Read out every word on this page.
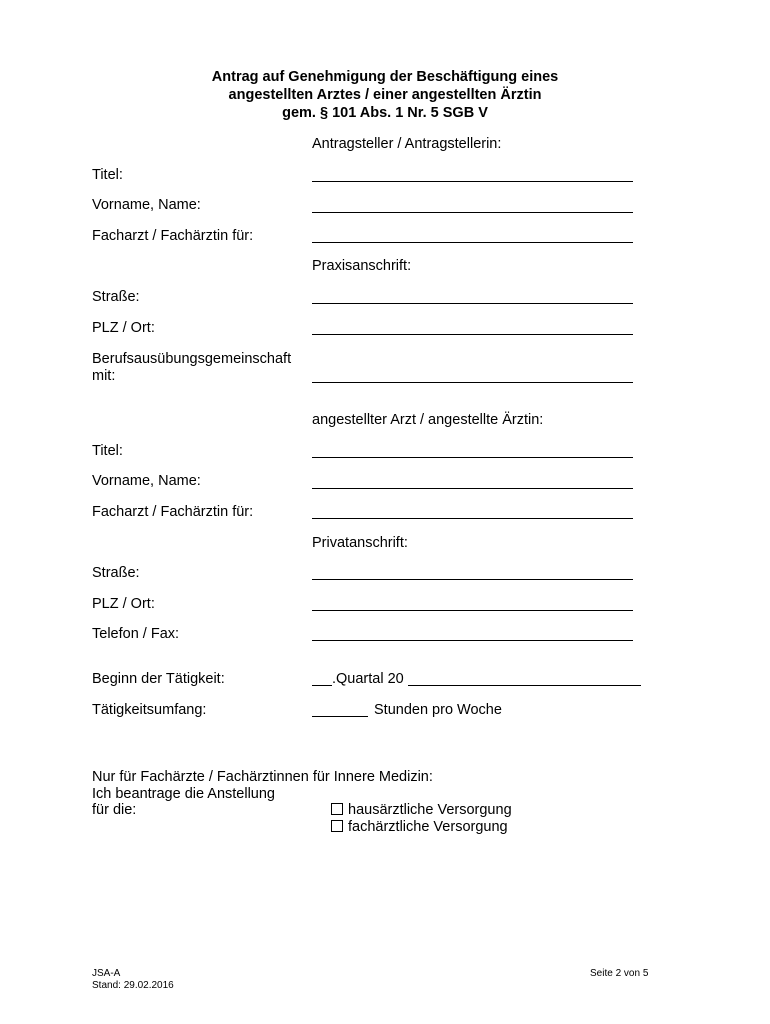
Antrag auf Genehmigung der Beschäftigung eines
angestellten Arztes / einer angestellten Ärztin
gem. § 101 Abs. 1 Nr. 5 SGB V
Antragsteller / Antragstellerin:
Titel:
Vorname, Name:
Facharzt / Fachärztin für:
Praxisanschrift:
Straße:
PLZ / Ort:
Berufsausübungsgemeinschaft
mit:
angestellter Arzt / angestellte Ärztin:
Titel:
Vorname, Name:
Facharzt / Fachärztin für:
Privatanschrift:
Straße:
PLZ / Ort:
Telefon / Fax:
Beginn der Tätigkeit:	.Quartal 20
Tätigkeitsumfang:	Stunden pro Woche
Nur für Fachärzte / Fachärztinnen für Innere Medizin:
Ich beantrage die Anstellung
für die:	hausärztliche Versorgung
fachärztliche Versorgung
JSA-A
Stand: 29.02.2016
Seite 2 von 5
